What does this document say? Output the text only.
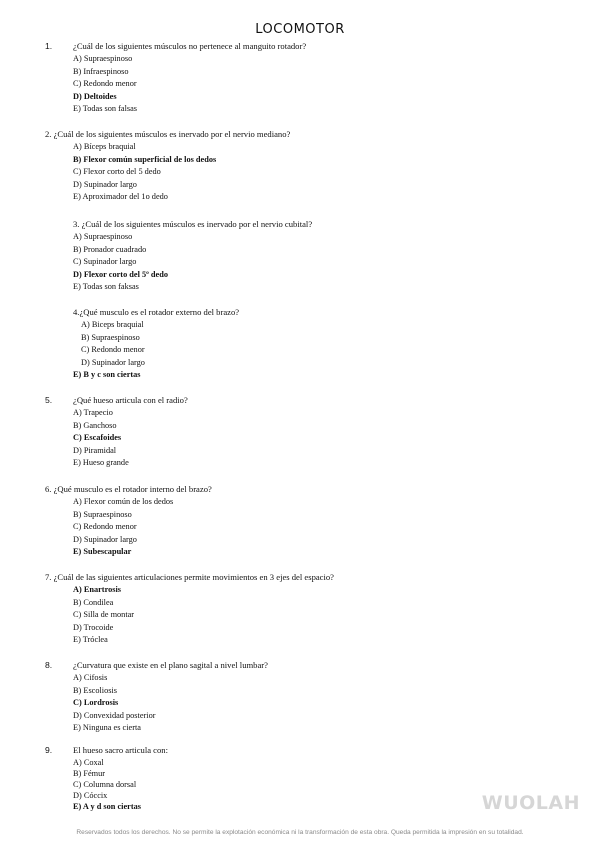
LOCOMOTOR
1. ¿Cuál de los siguientes músculos no pertenece al manguito rotador?
A) Supraespinoso
B) Infraespinoso
C) Redondo menor
D) Deltoides
E) Todas son falsas
2. ¿Cuál de los siguientes músculos es inervado por el nervio mediano?
A) Bíceps braquial
B) Flexor común superficial de los dedos
C) Flexor corto del 5 dedo
D) Supinador largo
E) Aproximador del 1o dedo
3. ¿Cuál de los siguientes músculos es inervado por el nervio cubital?
A) Supraespinoso
B) Pronador cuadrado
C) Supinador largo
D) Flexor corto del 5º dedo
E) Todas son faksas
4.¿Qué musculo es el rotador externo del brazo?
A) Biceps braquial
B) Supraespinoso
C) Redondo menor
D) Supinador largo
E) B y c son ciertas
5. ¿Qué hueso articula con el radio?
A) Trapecio
B) Ganchoso
C) Escafoides
D) Piramidal
E) Hueso grande
6. ¿Qué musculo es el rotador interno del brazo?
A) Flexor común de los dedos
B) Supraespinoso
C) Redondo menor
D) Supinador largo
E) Subescapular
7. ¿Cuál de las siguientes articulaciones permite movimientos en 3 ejes del espacio?
A) Enartrosis
B) Condilea
C) Silla de montar
D) Trocoide
E) Tróclea
8. ¿Curvatura que existe en el plano sagital a nivel lumbar?
A) Cifosis
B) Escoliosis
C) Lordrosis
D) Convexidad posterior
E) Ninguna es cierta
9. El hueso sacro articula con:
A) Coxal
B) Fémur
C) Columna dorsal
D) Cóccix
E) A y d son ciertas	WUOLAH
Reservados todos los derechos. No se permite la explotación económica ni la transformación de esta obra. Queda permitida la impresión en su totalidad.
